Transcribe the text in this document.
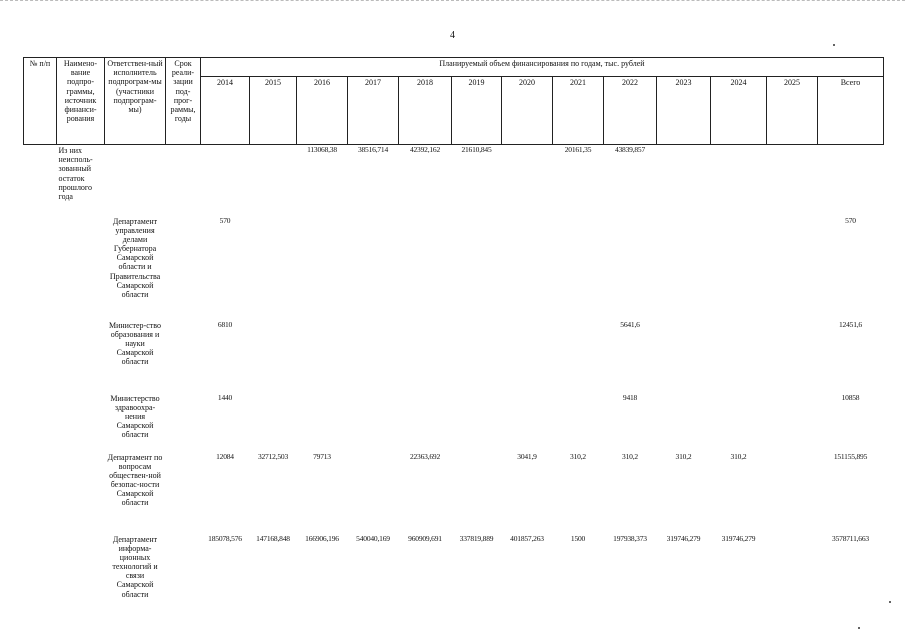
4
№ п/п	Наимено-вание подпро-граммы, источник финанси-рования	Ответствен-ный исполнитель подпрограм-мы (участники подпрограм-мы)	Срок реали-зации под-прог-раммы, годы	Планируемый объем финансирования по годам, тыс. рублей												
				2014	2015	2016	2017	2018	2019	2020	2021	2022	2023	2024	2025	Всего
	Из них неисполь-зованный остаток прошлого года					113068,38	38516,714	42392,162	21610,845		20161,35	43839,857				
		Департамент управления делами Губернатора Самарской области и Правительства Самарской области		570												570
		Министер-ство образования и науки Самарской области		6810								5641,6				12451,6
		Министерство здравоохра-нения Самарской области		1440								9418				10858
		Департамент по вопросам обществен-ной безопас-ности Самарской области		12084	32712,503	79713		22363,692		3041,9	310,2	310,2	310,2	310,2		151155,895
		Департамент информа-ционных технологий и связи Самарской области		185078,576	147168,848	166906,196	540040,169	960909,691	337819,889	401857,263	1500	197938,373	319746,279	319746,279		3578711,663
